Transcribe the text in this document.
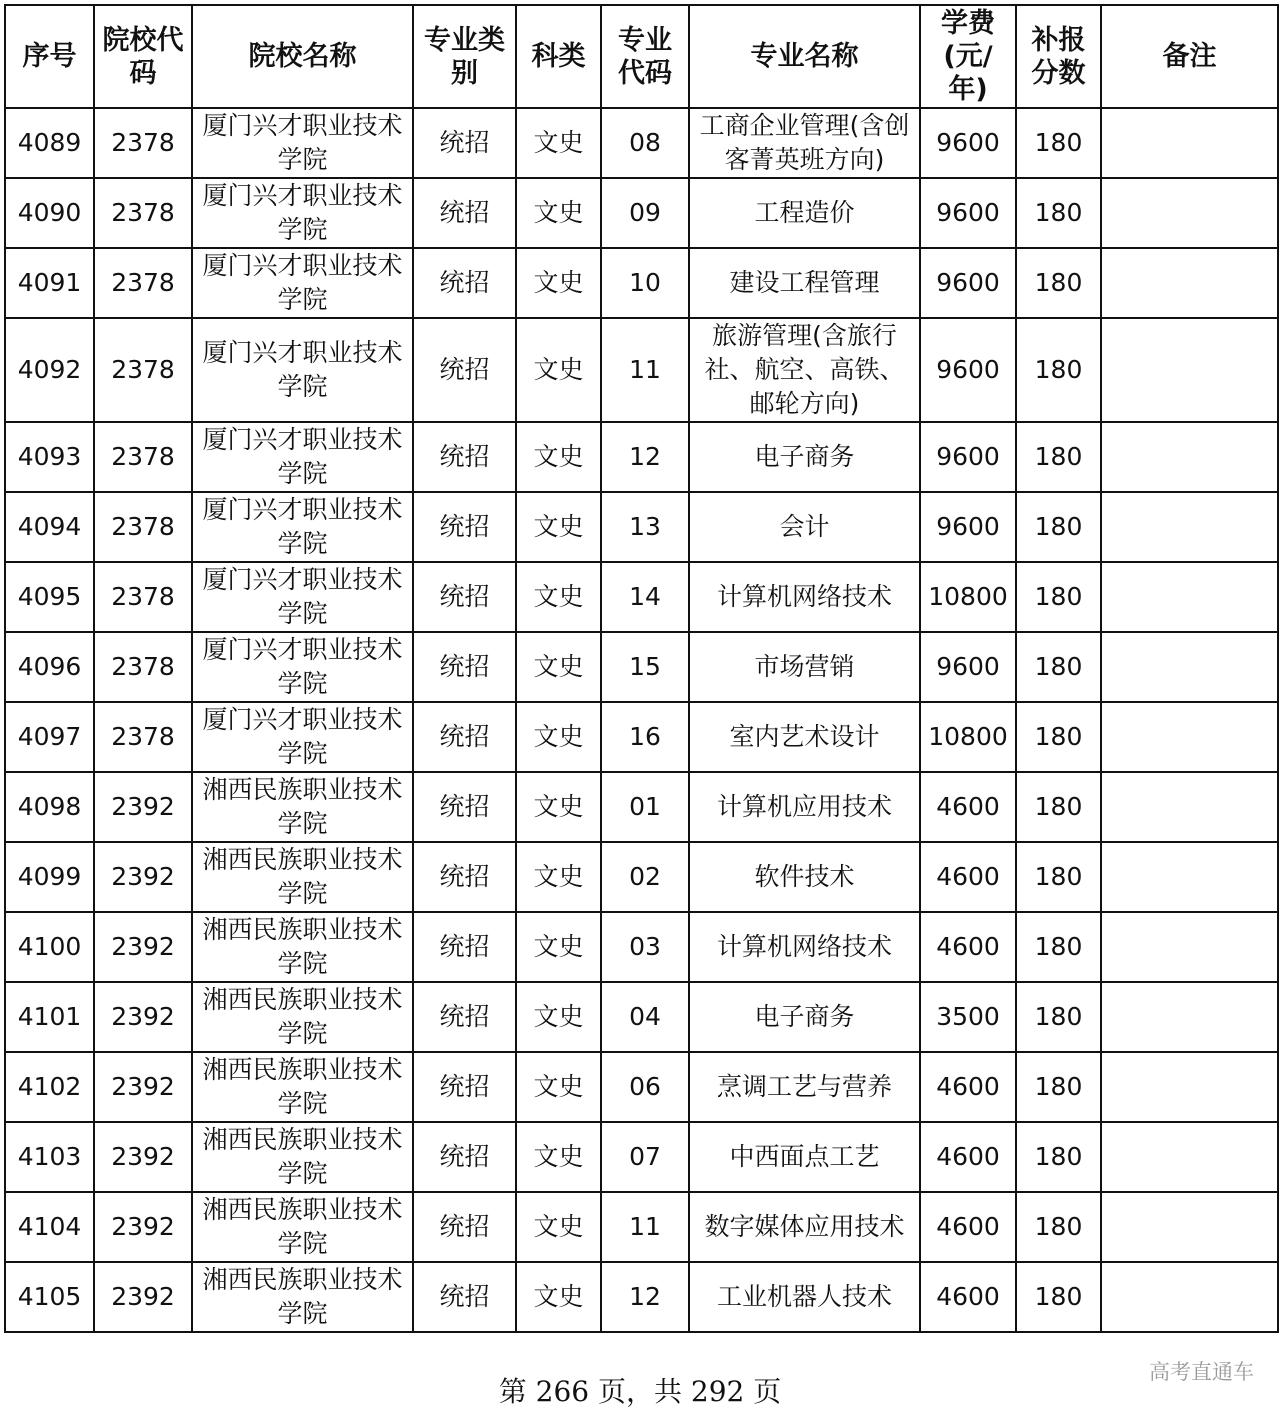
序号	院校代码	院校名称	专业类别	科类	专业代码	专业名称	学费(元/年)	补报分数	备注
4089	2378	厦门兴才职业技术学院	统招	文史	08	工商企业管理(含创客菁英班方向)	9600	180	
4090	2378	厦门兴才职业技术学院	统招	文史	09	工程造价	9600	180	
4091	2378	厦门兴才职业技术学院	统招	文史	10	建设工程管理	9600	180	
4092	2378	厦门兴才职业技术学院	统招	文史	11	旅游管理(含旅行社、航空、高铁、邮轮方向)	9600	180	
4093	2378	厦门兴才职业技术学院	统招	文史	12	电子商务	9600	180	
4094	2378	厦门兴才职业技术学院	统招	文史	13	会计	9600	180	
4095	2378	厦门兴才职业技术学院	统招	文史	14	计算机网络技术	10800	180	
4096	2378	厦门兴才职业技术学院	统招	文史	15	市场营销	9600	180	
4097	2378	厦门兴才职业技术学院	统招	文史	16	室内艺术设计	10800	180	
4098	2392	湘西民族职业技术学院	统招	文史	01	计算机应用技术	4600	180	
4099	2392	湘西民族职业技术学院	统招	文史	02	软件技术	4600	180	
4100	2392	湘西民族职业技术学院	统招	文史	03	计算机网络技术	4600	180	
4101	2392	湘西民族职业技术学院	统招	文史	04	电子商务	3500	180	
4102	2392	湘西民族职业技术学院	统招	文史	06	烹调工艺与营养	4600	180	
4103	2392	湘西民族职业技术学院	统招	文史	07	中西面点工艺	4600	180	
4104	2392	湘西民族职业技术学院	统招	文史	11	数字媒体应用技术	4600	180	
4105	2392	湘西民族职业技术学院	统招	文史	12	工业机器人技术	4600	180	
第 266 页，共 292 页
高考直通车
